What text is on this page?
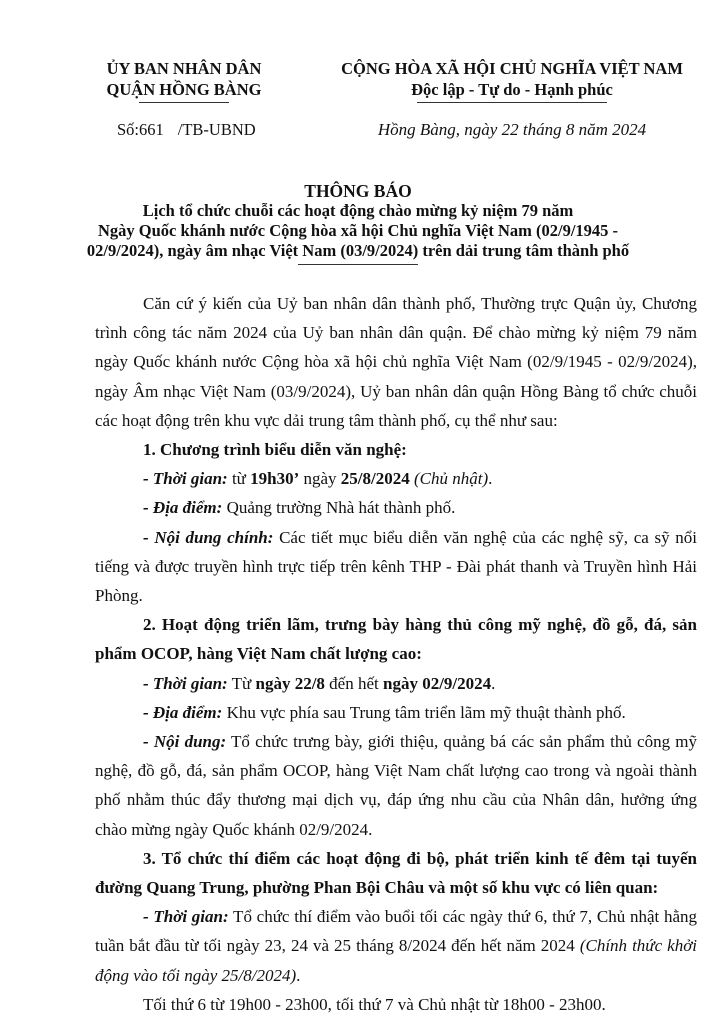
ỦY BAN NHÂN DÂN
QUẬN HỒNG BÀNG
CỘNG HÒA XÃ HỘI CHỦ NGHĨA VIỆT NAM
Độc lập - Tự do - Hạnh phúc
Số:661 /TB-UBND	Hồng Bàng, ngày 22 tháng 8 năm 2024
THÔNG BÁO
Lịch tổ chức chuỗi các hoạt động chào mừng kỷ niệm 79 năm
Ngày Quốc khánh nước Cộng hòa xã hội Chủ nghĩa Việt Nam (02/9/1945 -
02/9/2024), ngày âm nhạc Việt Nam (03/9/2024) trên dải trung tâm thành phố

Căn cứ ý kiến của Uỷ ban nhân dân thành phố, Thường trực Quận ủy, Chương trình công tác năm 2024 của Uỷ ban nhân dân quận. Để chào mừng kỷ niệm 79 năm ngày Quốc khánh nước Cộng hòa xã hội chủ nghĩa Việt Nam (02/9/1945 - 02/9/2024), ngày Âm nhạc Việt Nam (03/9/2024), Uỷ ban nhân dân quận Hồng Bàng tổ chức chuỗi các hoạt động trên khu vực dải trung tâm thành phố, cụ thể như sau:

1. Chương trình biểu diễn văn nghệ:

- Thời gian: từ 19h30’ ngày 25/8/2024 (Chủ nhật).

- Địa điểm: Quảng trường Nhà hát thành phố.

- Nội dung chính: Các tiết mục biểu diễn văn nghệ của các nghệ sỹ, ca sỹ nổi tiếng và được truyền hình trực tiếp trên kênh THP - Đài phát thanh và Truyền hình Hải Phòng.

2. Hoạt động triển lãm, trưng bày hàng thủ công mỹ nghệ, đồ gỗ, đá, sản phẩm OCOP, hàng Việt Nam chất lượng cao:

- Thời gian: Từ ngày 22/8 đến hết ngày 02/9/2024.

- Địa điểm: Khu vực phía sau Trung tâm triển lãm mỹ thuật thành phố.

- Nội dung: Tổ chức trưng bày, giới thiệu, quảng bá các sản phẩm thủ công mỹ nghệ, đồ gỗ, đá, sản phẩm OCOP, hàng Việt Nam chất lượng cao trong và ngoài thành phố nhằm thúc đẩy thương mại dịch vụ, đáp ứng nhu cầu của Nhân dân, hưởng ứng chào mừng ngày Quốc khánh 02/9/2024.

3. Tổ chức thí điểm các hoạt động đi bộ, phát triển kinh tế đêm tại tuyến đường Quang Trung, phường Phan Bội Châu và một số khu vực có liên quan:

- Thời gian: Tổ chức thí điểm vào buổi tối các ngày thứ 6, thứ 7, Chủ nhật hằng tuần bắt đầu từ tối ngày 23, 24 và 25 tháng 8/2024 đến hết năm 2024 (Chính thức khởi động vào tối ngày 25/8/2024).

Tối thứ 6 từ 19h00 - 23h00, tối thứ 7 và Chủ nhật từ 18h00 - 23h00.
